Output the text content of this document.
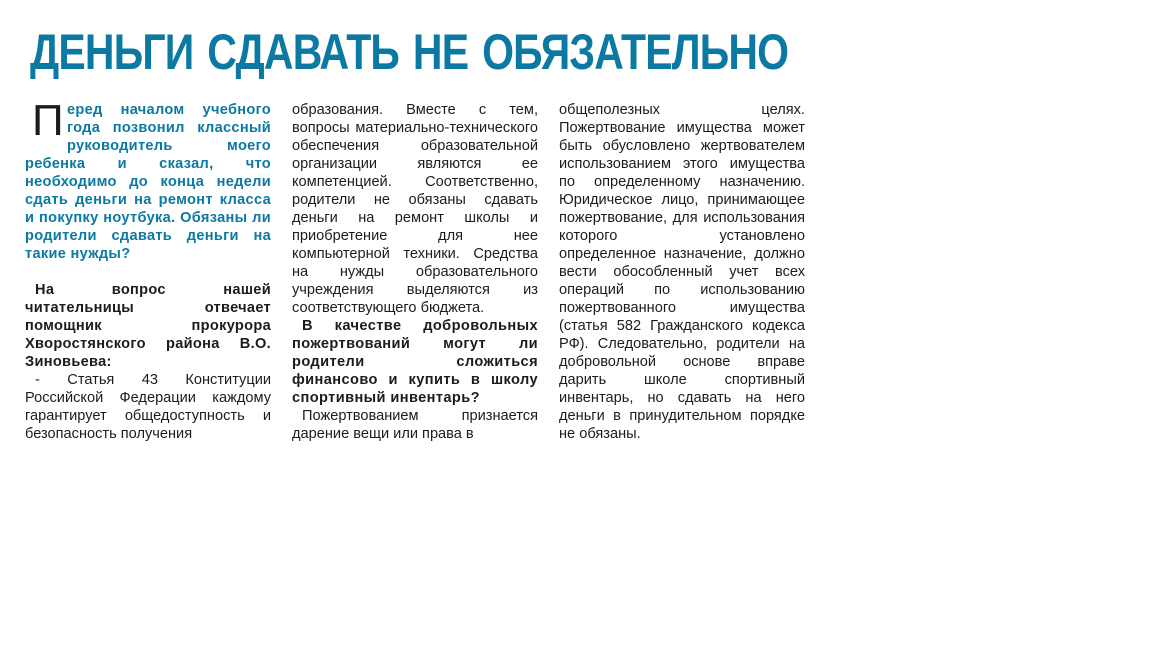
ДЕНЬГИ СДАВАТЬ НЕ ОБЯЗАТЕЛЬНО

Перед началом учебного года позвонил классный руководитель моего ребенка и сказал, что необходимо до конца недели сдать деньги на ремонт класса и покупку ноутбука. Обязаны ли родители сдавать деньги на такие нужды?

На вопрос нашей читательницы отвечает помощник прокурора Хворостянского района В.О. Зиновьева:

- Статья 43 Конституции Российской Федерации каждому гарантирует общедоступность и безопасность получения

образования. Вместе с тем, вопросы материально-технического обеспечения образовательной организации являются ее компетенцией. Соответственно, родители не обязаны сдавать деньги на ремонт школы и приобретение для нее компьютерной техники. Средства на нужды образовательного учреждения выделяются из соответствующего бюджета.

В качестве добровольных пожертвований могут ли родители сложиться финансово и купить в школу спортивный инвентарь?

Пожертвованием признается дарение вещи или права в

общеполезных целях. Пожертвование имущества может быть обусловлено жертвователем использованием этого имущества по определенному назначению. Юридическое лицо, принимающее пожертвование, для использования которого установлено определенное назначение, должно вести обособленный учет всех операций по использованию пожертвованного имущества (статья 582 Гражданского кодекса РФ). Следовательно, родители на добровольной основе вправе дарить школе спортивный инвентарь, но сдавать на него деньги в принудительном порядке не обязаны.
